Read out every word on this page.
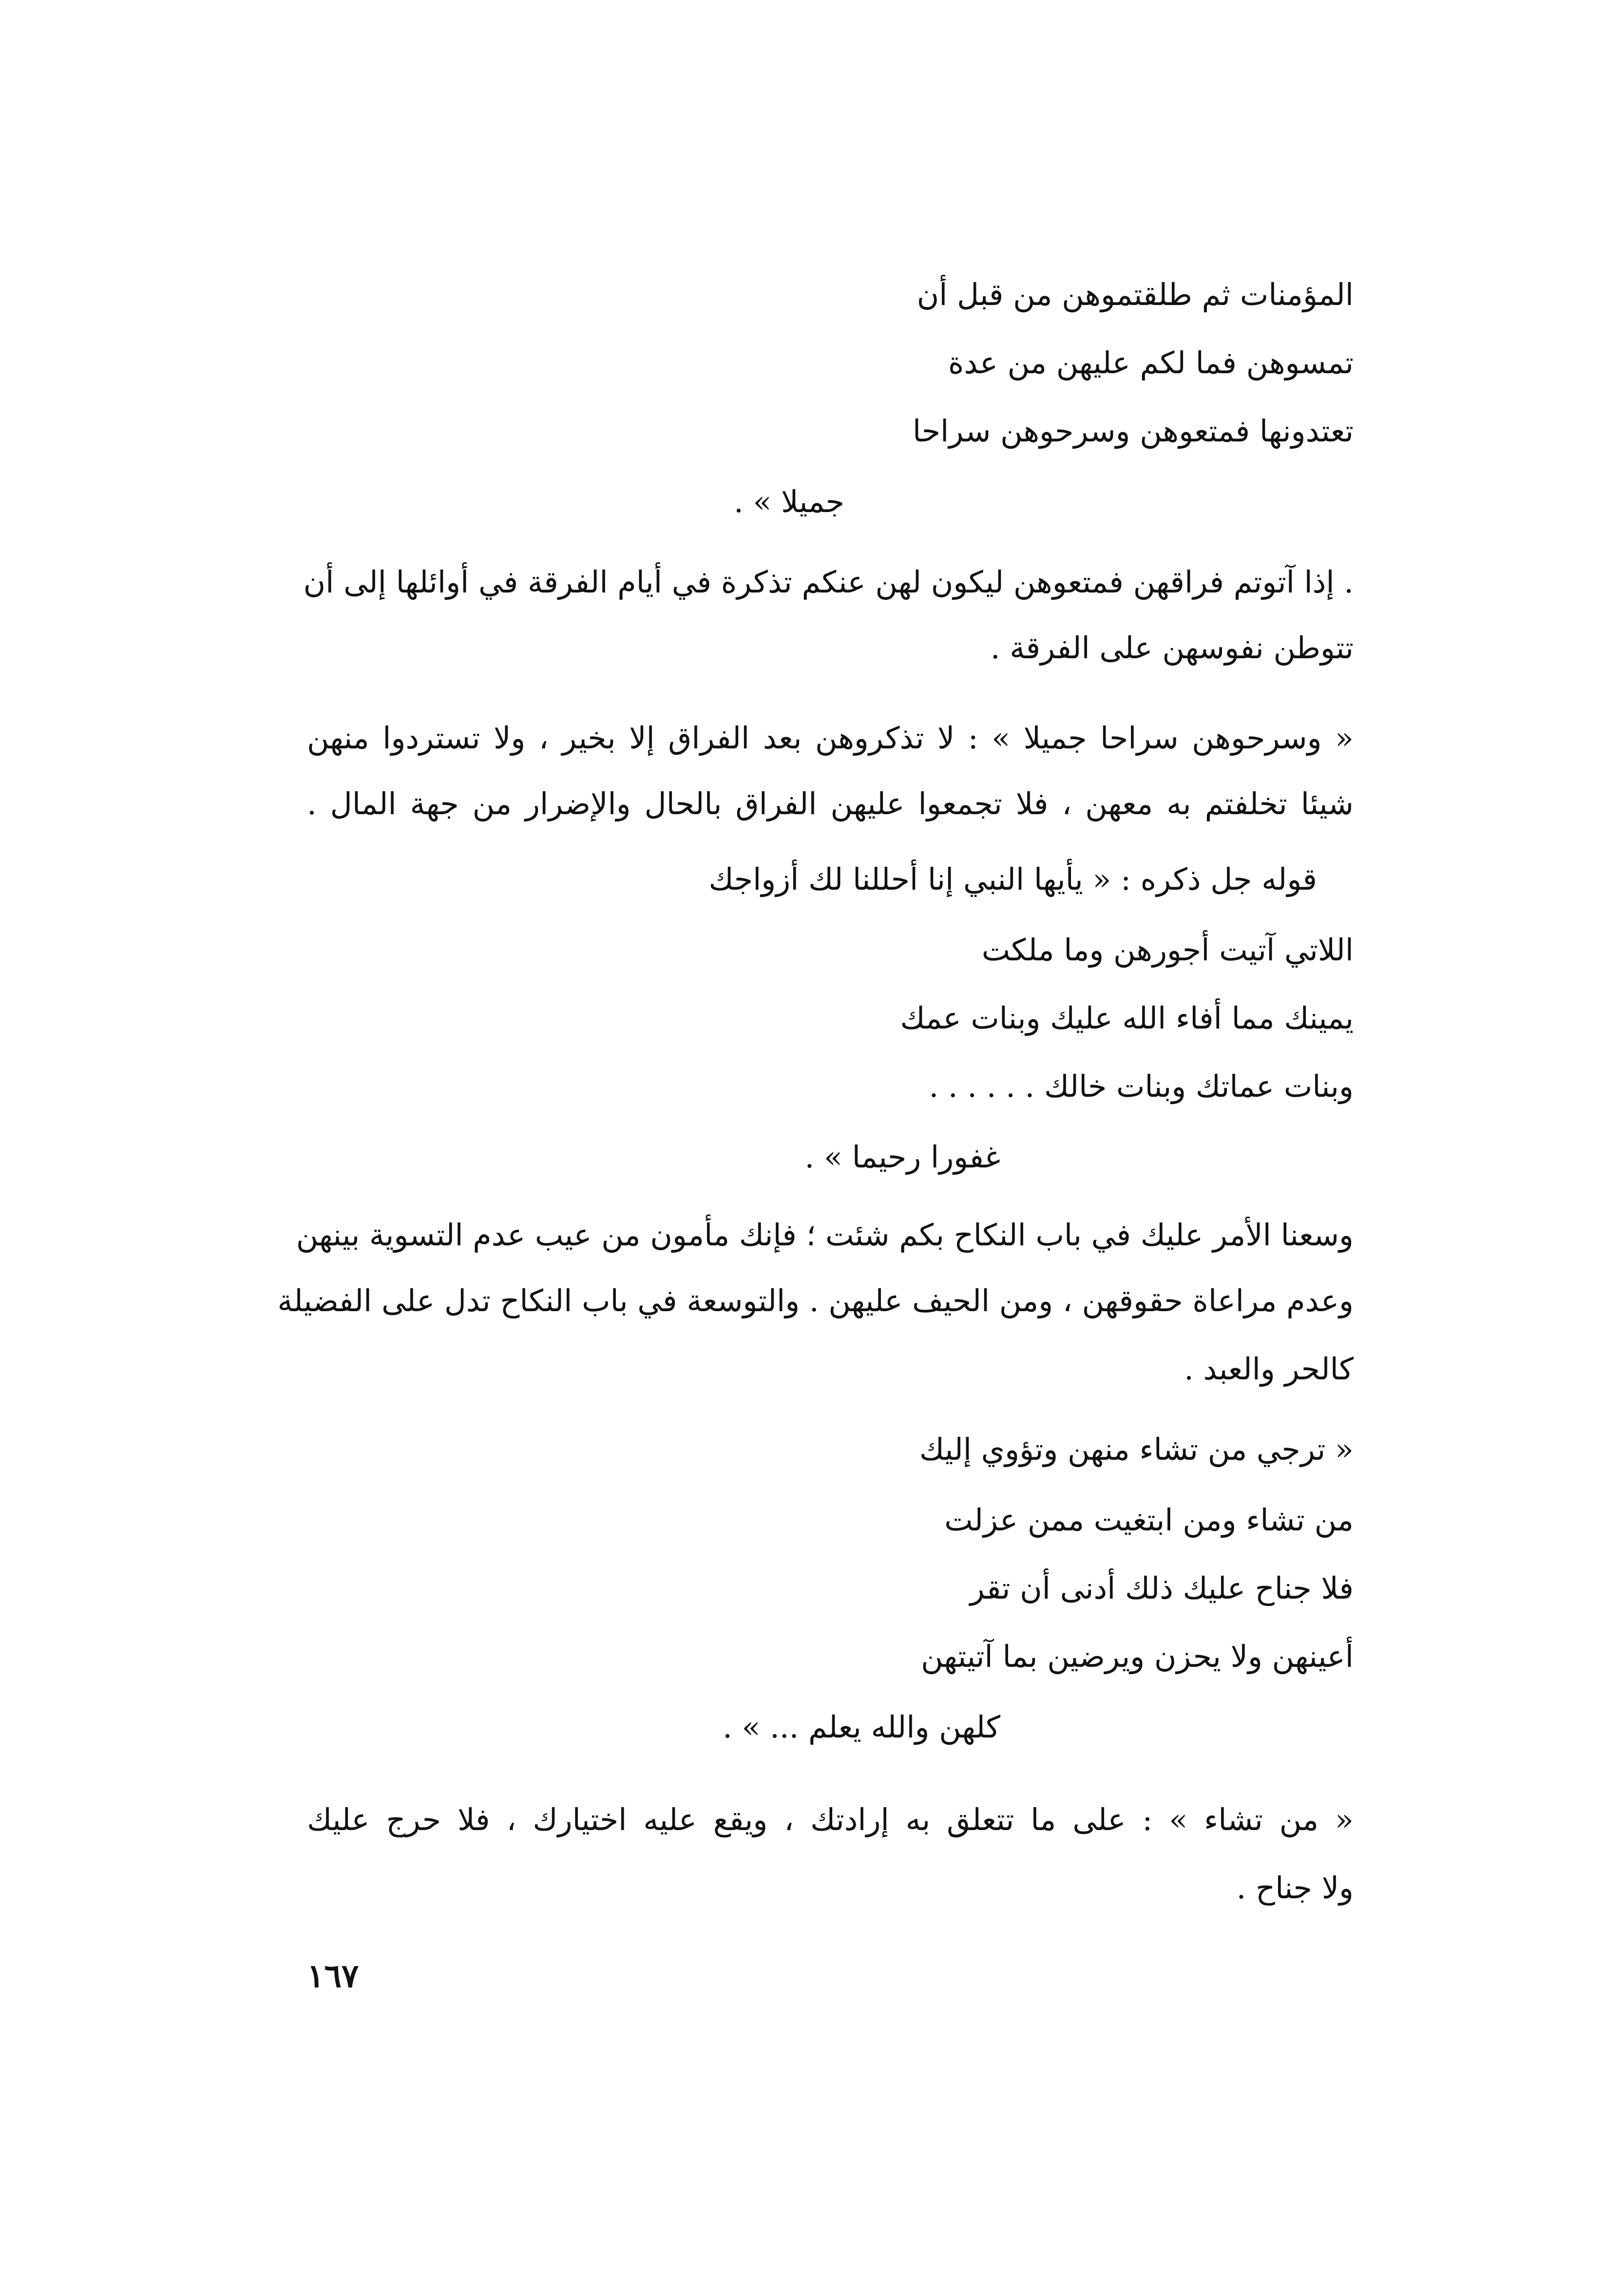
المؤمنات ثم طلقتموهن من قبل أن
تمسوهن فما لكم عليهن من عدة
تعتدونها فمتعوهن وسرحوهن سراحا
جميلا » .
. إذا آتوتم فراقهن فمتعوهن ليكون لهن عنكم تذكرة في أيام الفرقة في أوائلها إلى أن
تتوطن نفوسهن على الفرقة .
« وسرحوهن سراحا جميلا » : لا تذكروهن بعد الفراق إلا بخير ، ولا تستردوا منهن
شيئا تخلفتم به معهن ، فلا تجمعوا عليهن الفراق بالحال والإضرار من جهة المال .
قوله جل ذكره : « يأيها النبي إنا أحللنا لك أزواجك
اللاتي آتيت أجورهن وما ملكت
يمينك مما أفاء الله عليك وبنات عمك
وبنات عماتك وبنات خالك . . . . . .
غفورا رحيما » .
وسعنا الأمر عليك في باب النكاح بكم شئت ؛ فإنك مأمون من عيب عدم التسوية بينهن
وعدم مراعاة حقوقهن ، ومن الحيف عليهن . والتوسعة في باب النكاح تدل على الفضيلة
كالحر والعبد .
« ترجي من تشاء منهن وتؤوي إليك
من تشاء ومن ابتغيت ممن عزلت
فلا جناح عليك ذلك أدنى أن تقر
أعينهن ولا يحزن ويرضين بما آتيتهن
كلهن والله يعلم ... » .
« من تشاء » : على ما تتعلق به إرادتك ، ويقع عليه اختيارك ، فلا حرج عليك
ولا جناح .
١٦٧
